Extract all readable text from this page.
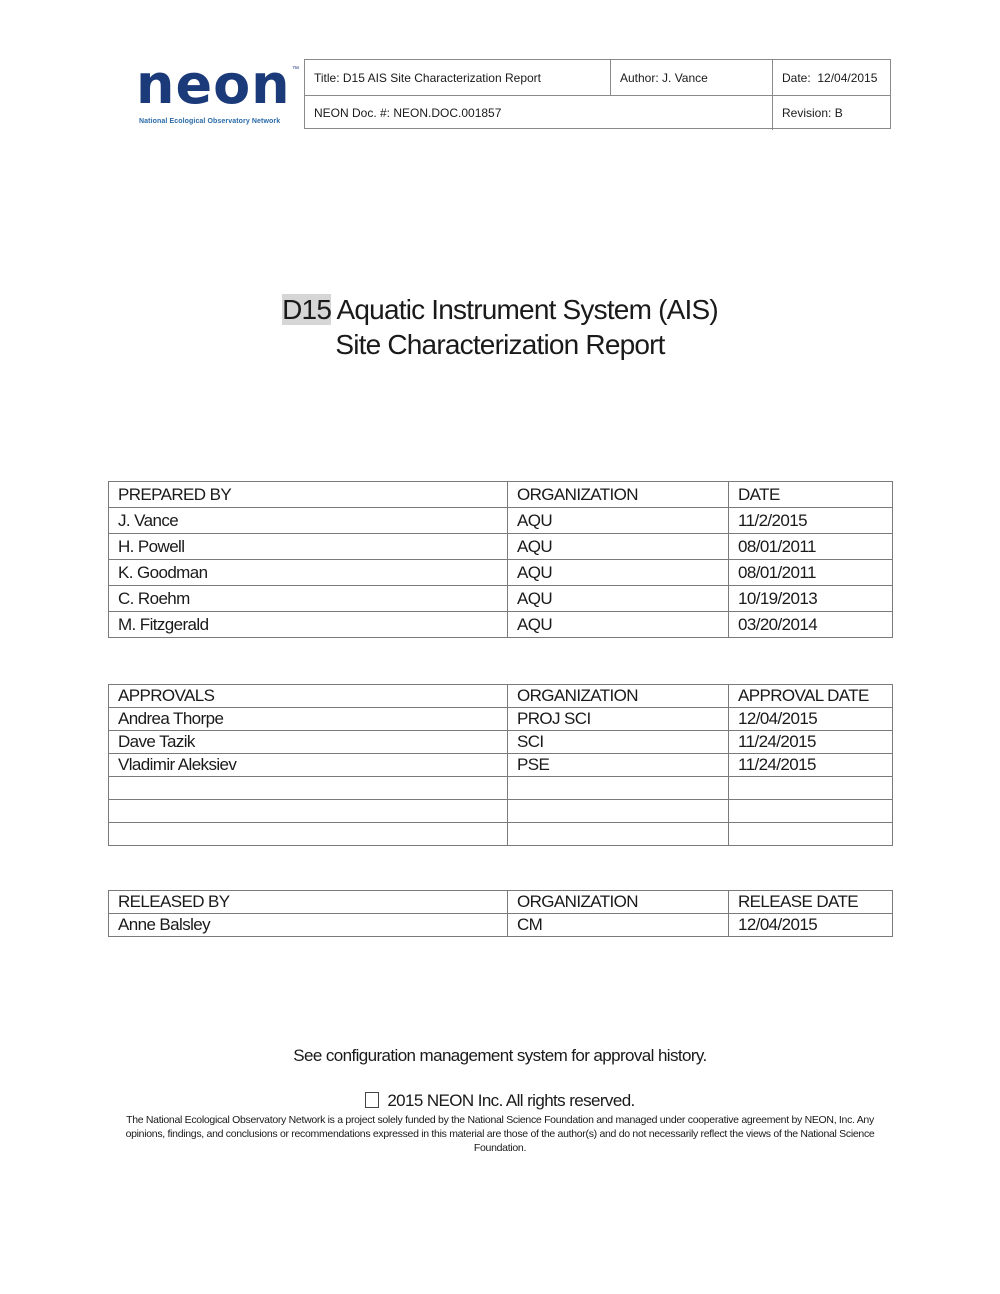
neon ™
National Ecological Observatory Network
Title: D15 AIS Site Characterization Report	Author: J. Vance	Date:  12/04/2015
NEON Doc. #: NEON.DOC.001857	Revision: B
D15 Aquatic Instrument System (AIS)
Site Characterization Report
PREPARED BY	ORGANIZATION	DATE
J. Vance	AQU	11/2/2015
H. Powell	AQU	08/01/2011
K. Goodman	AQU	08/01/2011
C. Roehm	AQU	10/19/2013
M. Fitzgerald	AQU	03/20/2014
APPROVALS	ORGANIZATION	APPROVAL DATE
Andrea Thorpe	PROJ SCI	12/04/2015
Dave Tazik	SCI	11/24/2015
Vladimir Aleksiev	PSE	11/24/2015

RELEASED BY	ORGANIZATION	RELEASE DATE
Anne Balsley	CM	12/04/2015
See configuration management system for approval history.
2015 NEON Inc. All rights reserved.
The National Ecological Observatory Network is a project solely funded by the National Science Foundation and managed under cooperative agreement by NEON, Inc. Any opinions, findings, and conclusions or recommendations expressed in this material are those of the author(s) and do not necessarily reflect the views of the National Science Foundation.
